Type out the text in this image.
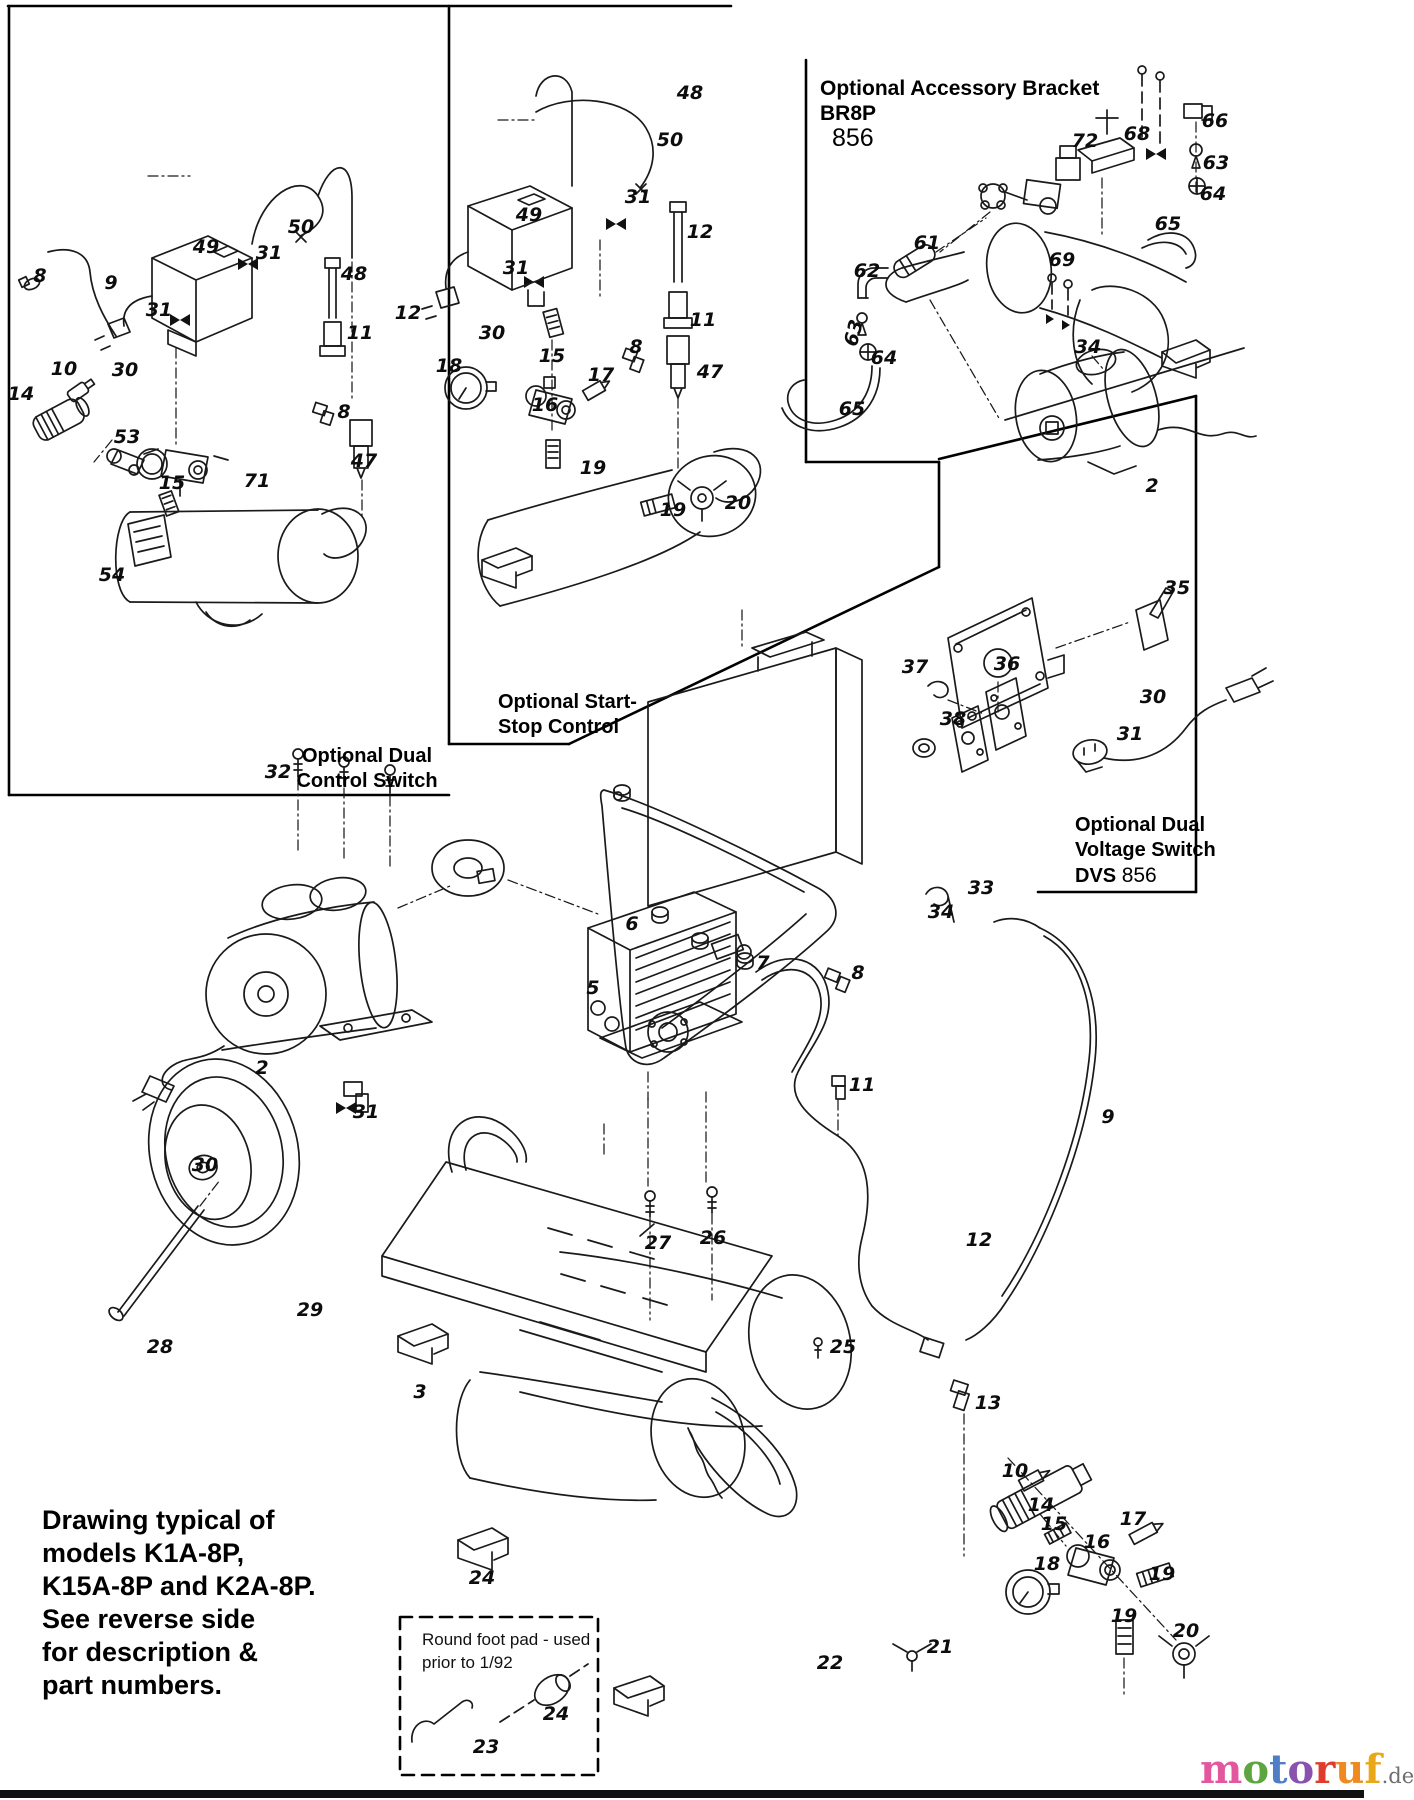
Optional Dual
Control Switch
Optional Start-
Stop Control
Optional Accessory Bracket
BR8P
856
Optional Dual
Voltage Switch
DVS 856
Drawing typical of
models K1A-8P,
K15A-8P and K2A-8P.
See reverse side
for description &
part numbers.
Round foot pad - used
prior to 1/92
motoruf.de
8	9
49 31
50
48
31
30
10
14
53
15	71
54
12
11
8
47
48
50
31
12
49
31
30
15	8
11
47
17
16
18
19
19 20
72 68
66
63
64
65
61
62
63
64
69
65
34
2
35
36
37
38
31
30
32
5
6
7	8
33
34
2
31
30
29
28
11
9
12
27 26
25
13
3
24
22
21
10
14
15	17
16
18	19
19
20
23
24
